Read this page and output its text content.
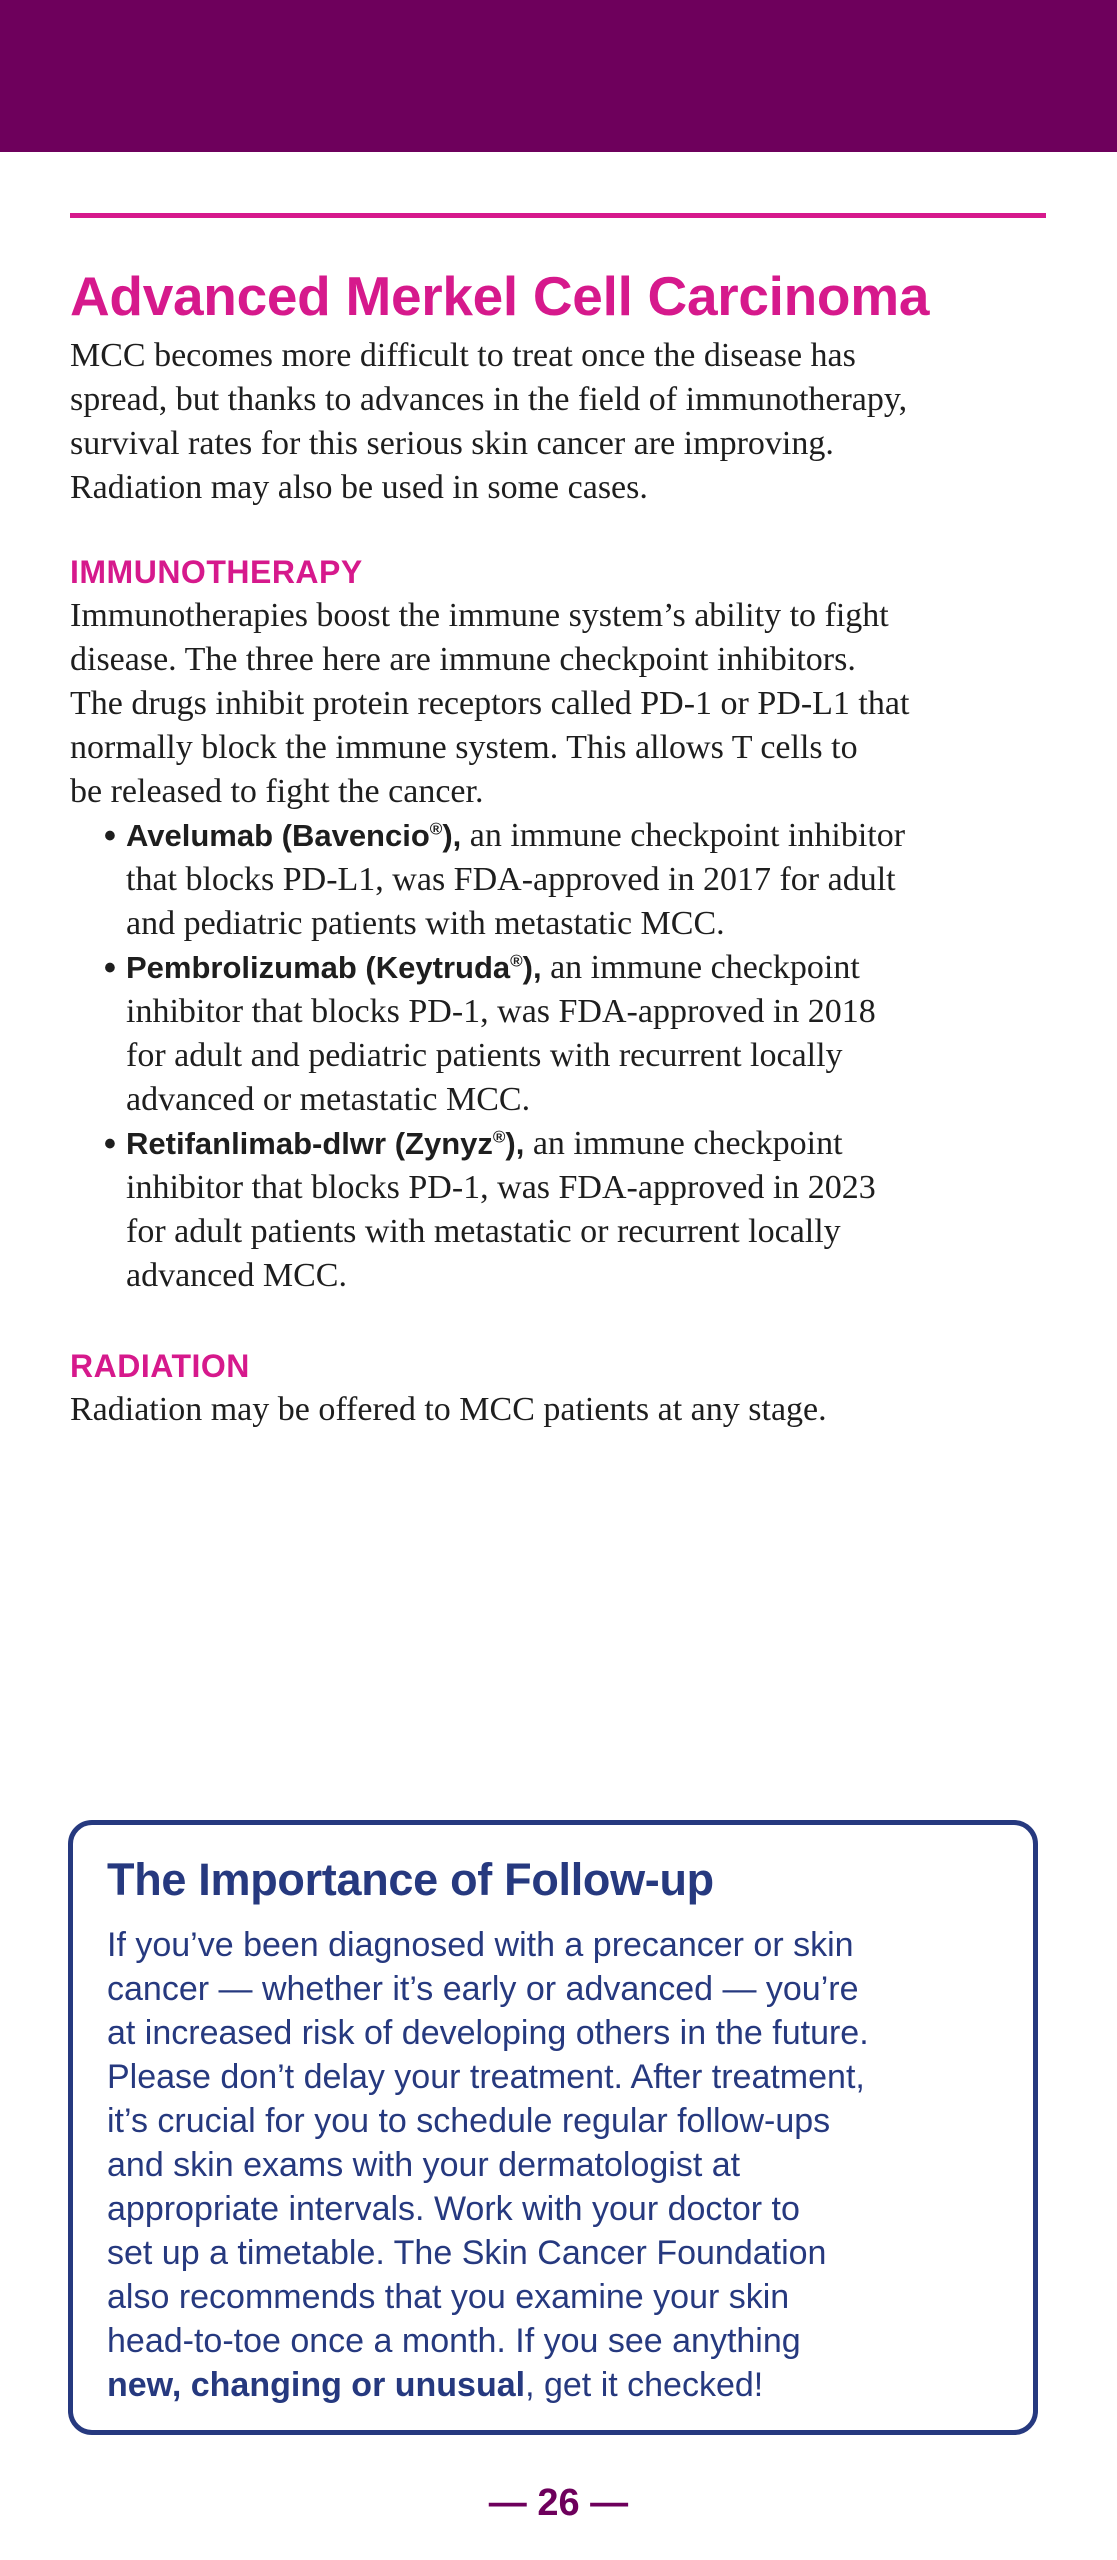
Advanced Merkel Cell Carcinoma
MCC becomes more difficult to treat once the disease has
spread, but thanks to advances in the field of immunotherapy,
survival rates for this serious skin cancer are improving.
Radiation may also be used in some cases.
IMMUNOTHERAPY
Immunotherapies boost the immune system’s ability to fight
disease. The three here are immune checkpoint inhibitors.
The drugs inhibit protein receptors called PD-1 or PD-L1 that
normally block the immune system. This allows T cells to
be released to fight the cancer.
• Avelumab (Bavencio®), an immune checkpoint inhibitor
that blocks PD-L1, was FDA-approved in 2017 for adult
and pediatric patients with metastatic MCC.
• Pembrolizumab (Keytruda®), an immune checkpoint
inhibitor that blocks PD-1, was FDA-approved in 2018
for adult and pediatric patients with recurrent locally
advanced or metastatic MCC.
• Retifanlimab-dlwr (Zynyz®), an immune checkpoint
inhibitor that blocks PD-1, was FDA-approved in 2023
for adult patients with metastatic or recurrent locally
advanced MCC.
RADIATION
Radiation may be offered to MCC patients at any stage.
The Importance of Follow-up

If you’ve been diagnosed with a precancer or skin
cancer — whether it’s early or advanced — you’re
at increased risk of developing others in the future.
Please don’t delay your treatment. After treatment,
it’s crucial for you to schedule regular follow-ups
and skin exams with your dermatologist at
appropriate intervals. Work with your doctor to
set up a timetable. The Skin Cancer Foundation
also recommends that you examine your skin
head-to-toe once a month. If you see anything
new, changing or unusual, get it checked!

— 26 —
